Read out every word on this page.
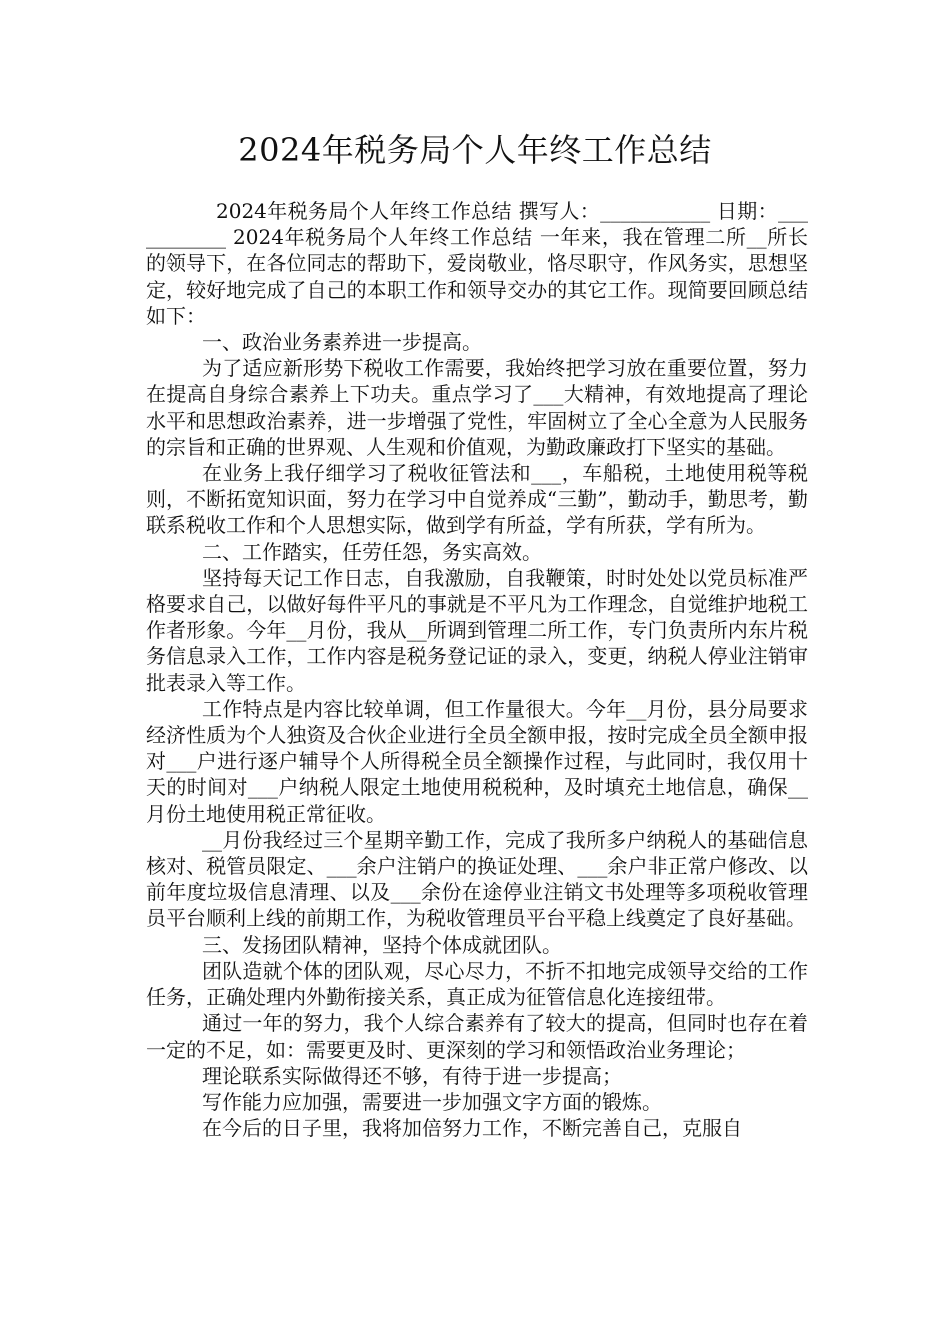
2024年税务局个人年终工作总结

2024年税务局个人年终工作总结 撰写人：___________ 日期：___________ 2024年税务局个人年终工作总结 一年来，我在管理二所__所长的领导下，在各位同志的帮助下，爱岗敬业，恪尽职守，作风务实，思想坚定，较好地完成了自己的本职工作和领导交办的其它工作。现简要回顾总结如下：

一、政治业务素养进一步提高。

为了适应新形势下税收工作需要，我始终把学习放在重要位置，努力在提高自身综合素养上下功夫。重点学习了___大精神，有效地提高了理论水平和思想政治素养，进一步增强了党性，牢固树立了全心全意为人民服务的宗旨和正确的世界观、人生观和价值观，为勤政廉政打下坚实的基础。

在业务上我仔细学习了税收征管法和___，车船税，土地使用税等税则，不断拓宽知识面，努力在学习中自觉养成“三勤”，勤动手，勤思考，勤联系税收工作和个人思想实际，做到学有所益，学有所获，学有所为。

二、工作踏实，任劳任怨，务实高效。

坚持每天记工作日志，自我激励，自我鞭策，时时处处以党员标准严格要求自己，以做好每件平凡的事就是不平凡为工作理念，自觉维护地税工作者形象。今年__月份，我从__所调到管理二所工作，专门负责所内东片税务信息录入工作，工作内容是税务登记证的录入，变更，纳税人停业注销审批表录入等工作。

工作特点是内容比较单调，但工作量很大。今年__月份，县分局要求经济性质为个人独资及合伙企业进行全员全额申报，按时完成全员全额申报对___户进行逐户辅导个人所得税全员全额操作过程，与此同时，我仅用十天的时间对___户纳税人限定土地使用税税种，及时填充土地信息，确保__月份土地使用税正常征收。

__月份我经过三个星期辛勤工作，完成了我所多户纳税人的基础信息核对、税管员限定、___余户注销户的换证处理、___余户非正常户修改、以前年度垃圾信息清理、以及___余份在途停业注销文书处理等多项税收管理员平台顺利上线的前期工作，为税收管理员平台平稳上线奠定了良好基础。

三、发扬团队精神，坚持个体成就团队。

团队造就个体的团队观，尽心尽力，不折不扣地完成领导交给的工作任务，正确处理内外勤衔接关系，真正成为征管信息化连接纽带。

通过一年的努力，我个人综合素养有了较大的提高，但同时也存在着一定的不足，如：需要更及时、更深刻的学习和领悟政治业务理论；

理论联系实际做得还不够，有待于进一步提高；

写作能力应加强，需要进一步加强文字方面的锻炼。

在今后的日子里，我将加倍努力工作，不断完善自己，克服自
